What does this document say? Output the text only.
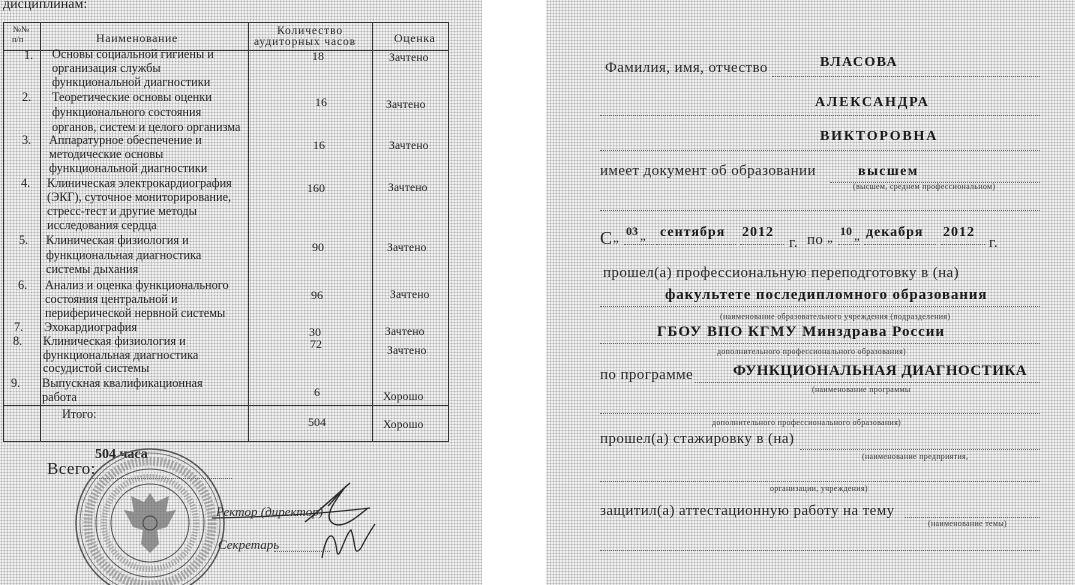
дисциплинам:
№№
п/п	Наименование	Количество
аудиторных часов	Оценка
1. Основы социальной гигиены и
организация службы
функциональной диагностики
18	Зачтено
2. Теоретические основы оценки
функционального состояния
органов, систем и целого организма
16	Зачтено
3. Аппаратурное обеспечение и
методические основы
функциональной диагностики
16	Зачтено
4. Клиническая электрокардиография
(ЭКГ), суточное мониторирование,
стресс-тест и другие методы
исследования сердца
160	Зачтено
5. Клиническая физиология и
функциональная диагностика
системы дыхания
90	Зачтено
6. Анализ и оценка функционального
состояния центральной и
периферической нервной системы
96	Зачтено
7. Эхокардиография	30	Зачтено
8. Клиническая физиология и
функциональная диагностика
сосудистой системы
72	Зачтено
9. Выпускная квалификационная
работа	6	Хорошо
Итого:
504	Хорошо
504 часа
Всего:
Ректор (директор)
Секретарь
Фамилия, имя, отчество	ВЛАСОВА
АЛЕКСАНДРА
ВИКТОРОВНА
имеет документ об образовании	высшем
(высшем, среднем профессиональном)
С „ 03 „ сентября 2012
г. по „ 10 „ декабря 2012
г.
прошел(а) профессиональную переподготовку в (на)
факультете последипломного образования
(наименование образовательного учреждения (подразделения)
ГБОУ ВПО КГМУ Минздрава России
дополнительного профессионального образования)
по программе	ФУНКЦИОНАЛЬНАЯ ДИАГНОСТИКА
(наименование программы
дополнительного профессионального образования)
прошел(а) стажировку в (на)
(наименование предприятия,
организации, учреждения)
защитил(а) аттестационную работу на тему
(наименование темы)
